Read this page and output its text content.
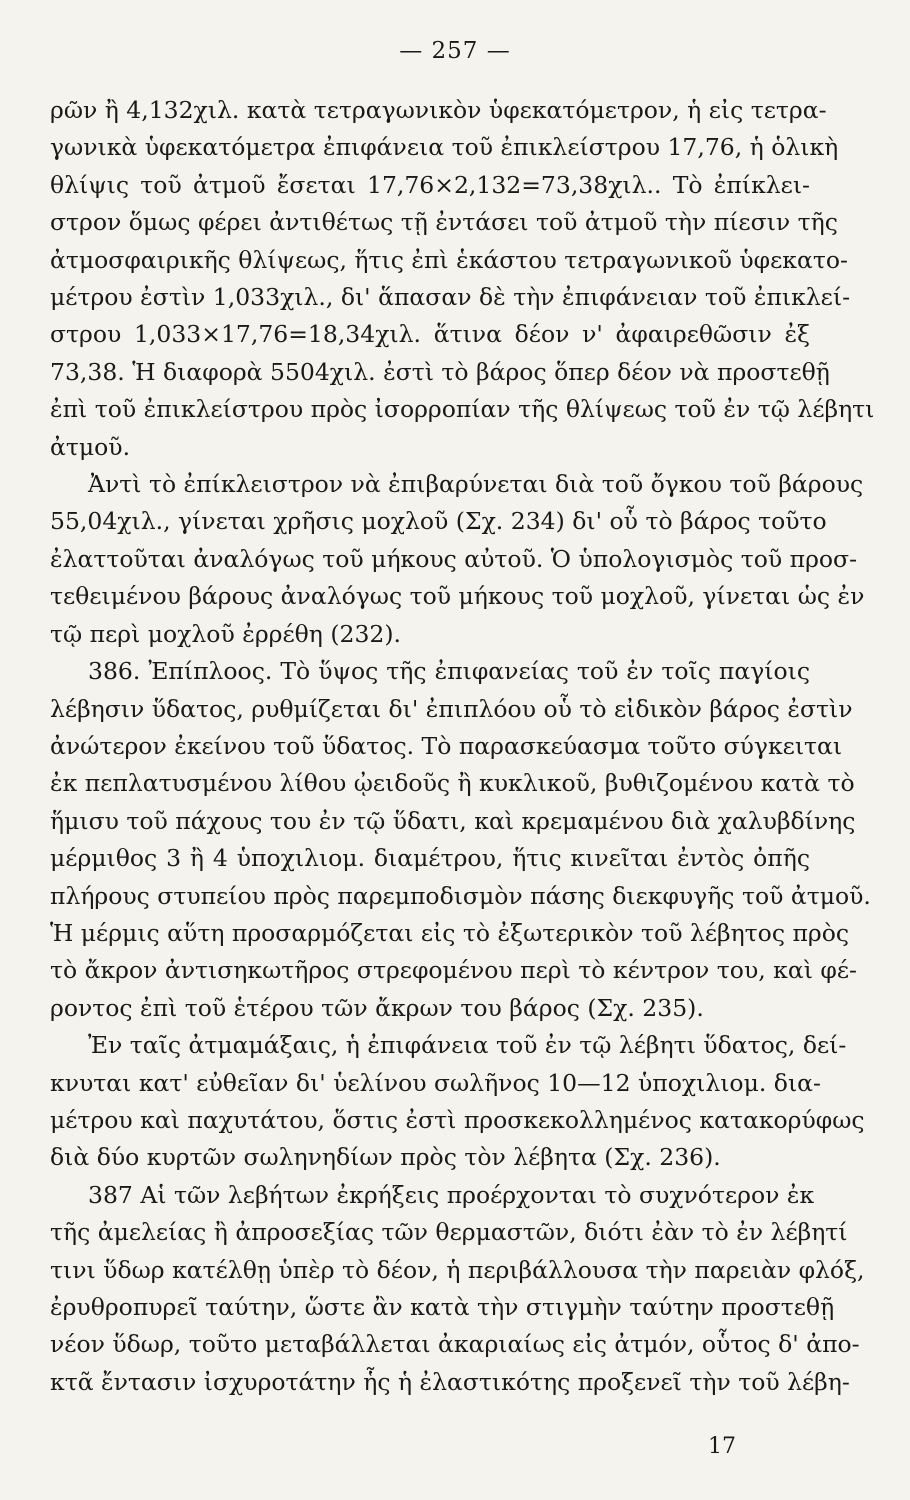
— 257 —
ρῶν ἢ 4,132χιλ. κατὰ τετραγωνικὸν ὑφεκατόμετρον, ἡ εἰς τετρα-
γωνικὰ ὑφεκατόμετρα ἐπιφάνεια τοῦ ἐπικλείστρου 17,76, ἡ ὁλικὴ
θλίψις τοῦ ἀτμοῦ ἔσεται 17,76×2,132=73,38χιλ.. Τὸ ἐπίκλει-
στρον ὅμως φέρει ἀντιθέτως τῇ ἐντάσει τοῦ ἀτμοῦ τὴν πίεσιν τῆς
ἀτμοσφαιρικῆς θλίψεως, ἥτις ἐπὶ ἑκάστου τετραγωνικοῦ ὑφεκατο-
μέτρου ἐστὶν 1,033χιλ., δι' ἅπασαν δὲ τὴν ἐπιφάνειαν τοῦ ἐπικλεί-
στρου 1,033×17,76=18,34χιλ. ἅτινα δέον ν' ἀφαιρεθῶσιν ἐξ
73,38. Ἡ διαφορὰ 5504χιλ. ἐστὶ τὸ βάρος ὅπερ δέον νὰ προστεθῇ
ἐπὶ τοῦ ἐπικλείστρου πρὸς ἰσορροπίαν τῆς θλίψεως τοῦ ἐν τῷ λέβητι
ἀτμοῦ.
Ἀντὶ τὸ ἐπίκλειστρον νὰ ἐπιβαρύνεται διὰ τοῦ ὄγκου τοῦ βάρους
55,04χιλ., γίνεται χρῆσις μοχλοῦ (Σχ. 234) δι' οὗ τὸ βάρος τοῦτο
ἐλαττοῦται ἀναλόγως τοῦ μήκους αὐτοῦ. Ὁ ὑπολογισμὸς τοῦ προσ-
τεθειμένου βάρους ἀναλόγως τοῦ μήκους τοῦ μοχλοῦ, γίνεται ὡς ἐν
τῷ περὶ μοχλοῦ ἐρρέθη (232).
386. Ἐπίπλοος. Τὸ ὕψος τῆς ἐπιφανείας τοῦ ἐν τοῖς παγίοις
λέβησιν ὕδατος, ρυθμίζεται δι' ἐπιπλόου οὗ τὸ εἰδικὸν βάρος ἐστὶν
ἀνώτερον ἐκείνου τοῦ ὕδατος. Τὸ παρασκεύασμα τοῦτο σύγκειται
ἐκ πεπλατυσμένου λίθου ᾠειδοῦς ἢ κυκλικοῦ, βυθιζομένου κατὰ τὸ
ἥμισυ τοῦ πάχους του ἐν τῷ ὕδατι, καὶ κρεμαμένου διὰ χαλυβδίνης
μέρμιθος 3 ἢ 4 ὑποχιλιομ. διαμέτρου, ἥτις κινεῖται ἐντὸς ὀπῆς
πλήρους στυπείου πρὸς παρεμποδισμὸν πάσης διεκφυγῆς τοῦ ἀτμοῦ.
Ἡ μέρμις αὕτη προσαρμόζεται εἰς τὸ ἐξωτερικὸν τοῦ λέβητος πρὸς
τὸ ἄκρον ἀντισηκωτῆρος στρεφομένου περὶ τὸ κέντρον του, καὶ φέ-
ροντος ἐπὶ τοῦ ἑτέρου τῶν ἄκρων του βάρος (Σχ. 235).
Ἐν ταῖς ἀτμαμάξαις, ἡ ἐπιφάνεια τοῦ ἐν τῷ λέβητι ὕδατος, δεί-
κνυται κατ' εὐθεῖαν δι' ὑελίνου σωλῆνος 10—12 ὑποχιλιομ. δια-
μέτρου καὶ παχυτάτου, ὅστις ἐστὶ προσκεκολλημένος κατακορύφως
διὰ δύο κυρτῶν σωληνηδίων πρὸς τὸν λέβητα (Σχ. 236).
387 Αἱ τῶν λεβήτων ἐκρήξεις προέρχονται τὸ συχνότερον ἐκ
τῆς ἀμελείας ἢ ἀπροσεξίας τῶν θερμαστῶν, διότι ἐὰν τὸ ἐν λέβητί
τινι ὕδωρ κατέλθῃ ὑπὲρ τὸ δέον, ἡ περιβάλλουσα τὴν παρειὰν φλόξ,
ἐρυθροπυρεῖ ταύτην, ὥστε ἂν κατὰ τὴν στιγμὴν ταύτην προστεθῇ
νέον ὕδωρ, τοῦτο μεταβάλλεται ἀκαριαίως εἰς ἀτμόν, οὗτος δ' ἀπο-
κτᾶ ἔντασιν ἰσχυροτάτην ἧς ἡ ἐλαστικότης προξενεῖ τὴν τοῦ λέβη-
17
